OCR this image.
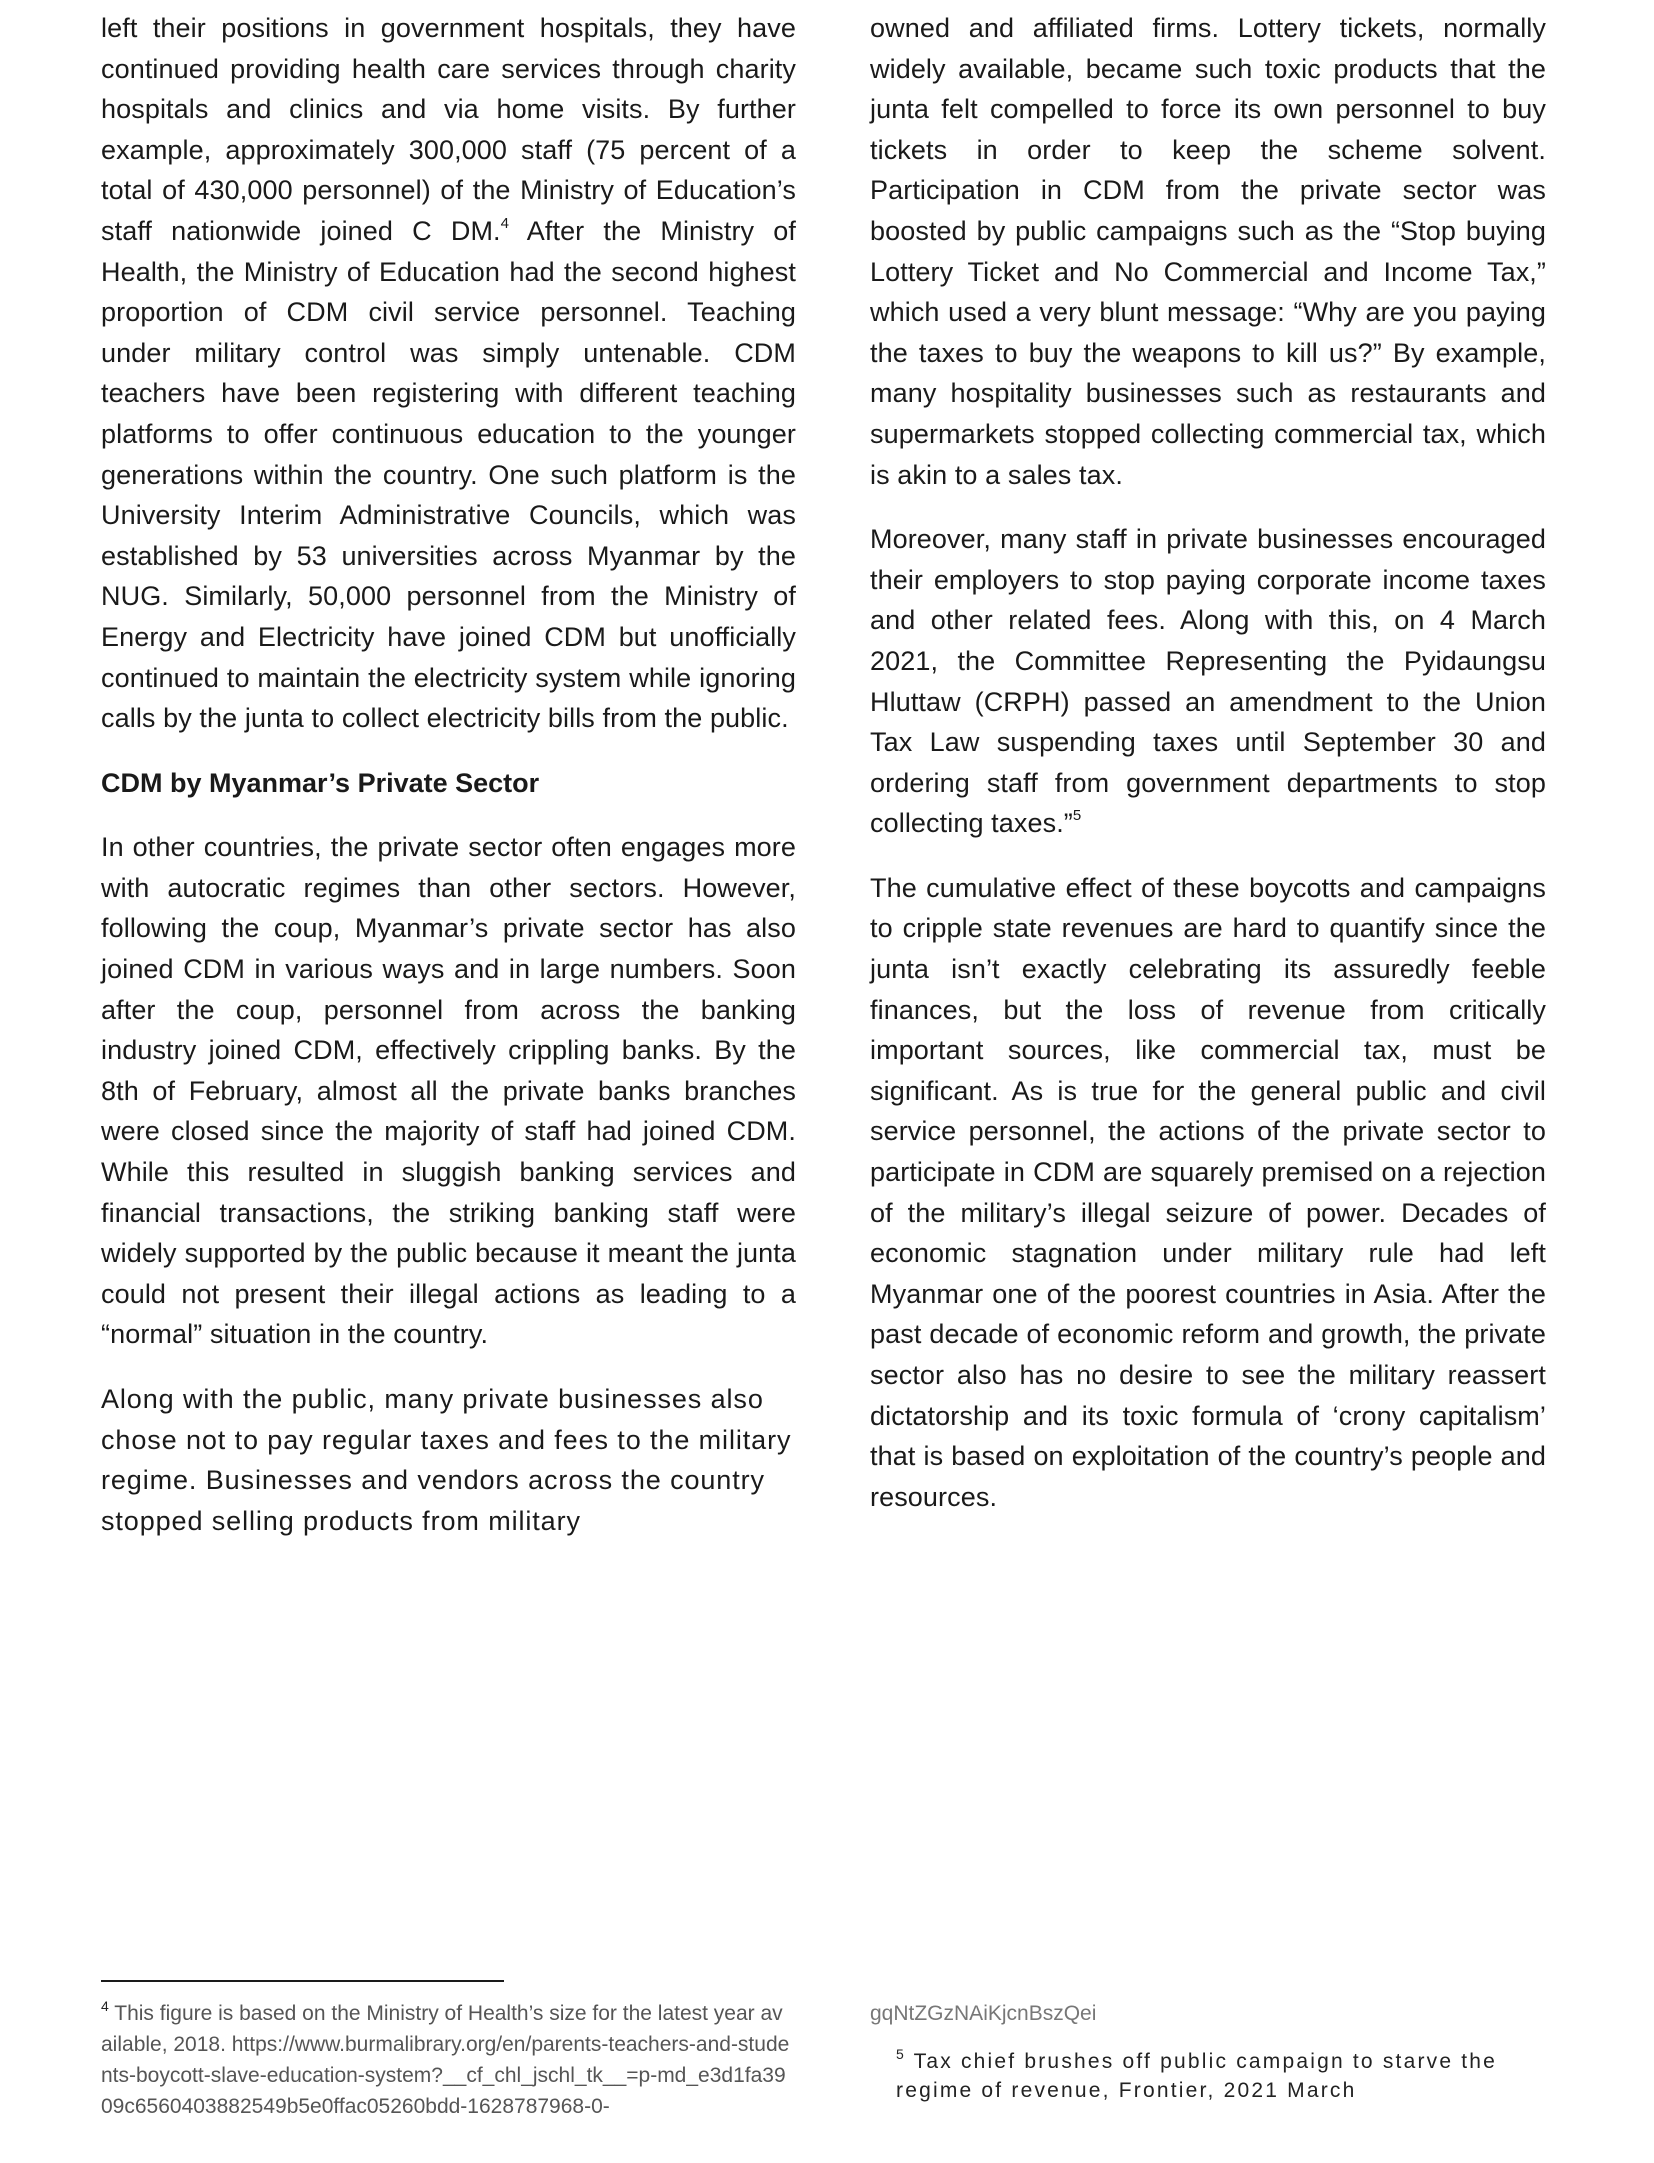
left their positions in government hospitals, they have continued providing health care services through charity hospitals and clinics and via home visits. By further example, approximately 300,000 staff (75 percent of a total of 430,000 personnel) of the Ministry of Education’s staff nationwide joined C DM.$^4$ After the Ministry of Health, the Ministry of Education had the second highest proportion of CDM civil service personnel. Teaching under military control was simply untenable. CDM teachers have been registering with different teaching platforms to offer continuous education to the younger generations within the country. One such platform is the University Interim Administrative Councils, which was established by 53 universities across Myanmar by the NUG. Similarly, 50,000 personnel from the Ministry of Energy and Electricity have joined CDM but unofficially continued to maintain the electricity system while ignoring calls by the junta to collect electricity bills from the public.

CDM by Myanmar’s Private Sector

In other countries, the private sector often engages more with autocratic regimes than other sectors. However, following the coup, Myanmar’s private sector has also joined CDM in various ways and in large numbers. Soon after the coup, personnel from across the banking industry joined CDM, effectively crippling banks. By the 8th of February, almost all the private banks branches were closed since the majority of staff had joined CDM. While this resulted in sluggish banking services and financial transactions, the striking banking staff were widely supported by the public because it meant the junta could not present their illegal actions as leading to a “normal” situation in the country.

Along with the public, many private businesses also chose not to pay regular taxes and fees to the military regime. Businesses and vendors across the country stopped selling products from military

owned and affiliated firms. Lottery tickets, normally widely available, became such toxic products that the junta felt compelled to force its own personnel to buy tickets in order to keep the scheme solvent. Participation in CDM from the private sector was boosted by public campaigns such as the “Stop buying Lottery Ticket and No Commercial and Income Tax,” which used a very blunt message: “Why are you paying the taxes to buy the weapons to kill us?” By example, many hospitality businesses such as restaurants and supermarkets stopped collecting commercial tax, which is akin to a sales tax.

Moreover, many staff in private businesses encouraged their employers to stop paying corporate income taxes and other related fees. Along with this, on 4 March 2021, the Committee Representing the Pyidaungsu Hluttaw (CRPH) passed an amendment to the Union Tax Law suspending taxes until September 30 and ordering staff from government departments to stop collecting taxes.”$^5$

The cumulative effect of these boycotts and campaigns to cripple state revenues are hard to quantify since the junta isn’t exactly celebrating its assuredly feeble finances, but the loss of revenue from critically important sources, like commercial tax, must be significant. As is true for the general public and civil service personnel, the actions of the private sector to participate in CDM are squarely premised on a rejection of the military’s illegal seizure of power. Decades of economic stagnation under military rule had left Myanmar one of the poorest countries in Asia. After the past decade of economic reform and growth, the private sector also has no desire to see the military reassert dictatorship and its toxic formula of ‘crony capitalism’ that is based on exploitation of the country’s people and resources.

$^4$ This figure is based on the Ministry of Health’s size for the latest year available, 2018. https://www.burmalibrary.org/en/parents-teachers-and-students-boycott-slave-education-system?__cf_chl_jschl_tk__=p-md_e3d1fa3909c6560403882549b5e0ffac05260bdd-1628787968-0-
gqNtZGzNAiKjcnBszQei
$^5$ Tax chief brushes off public campaign to starve the regime of revenue, Frontier, 2021 March
